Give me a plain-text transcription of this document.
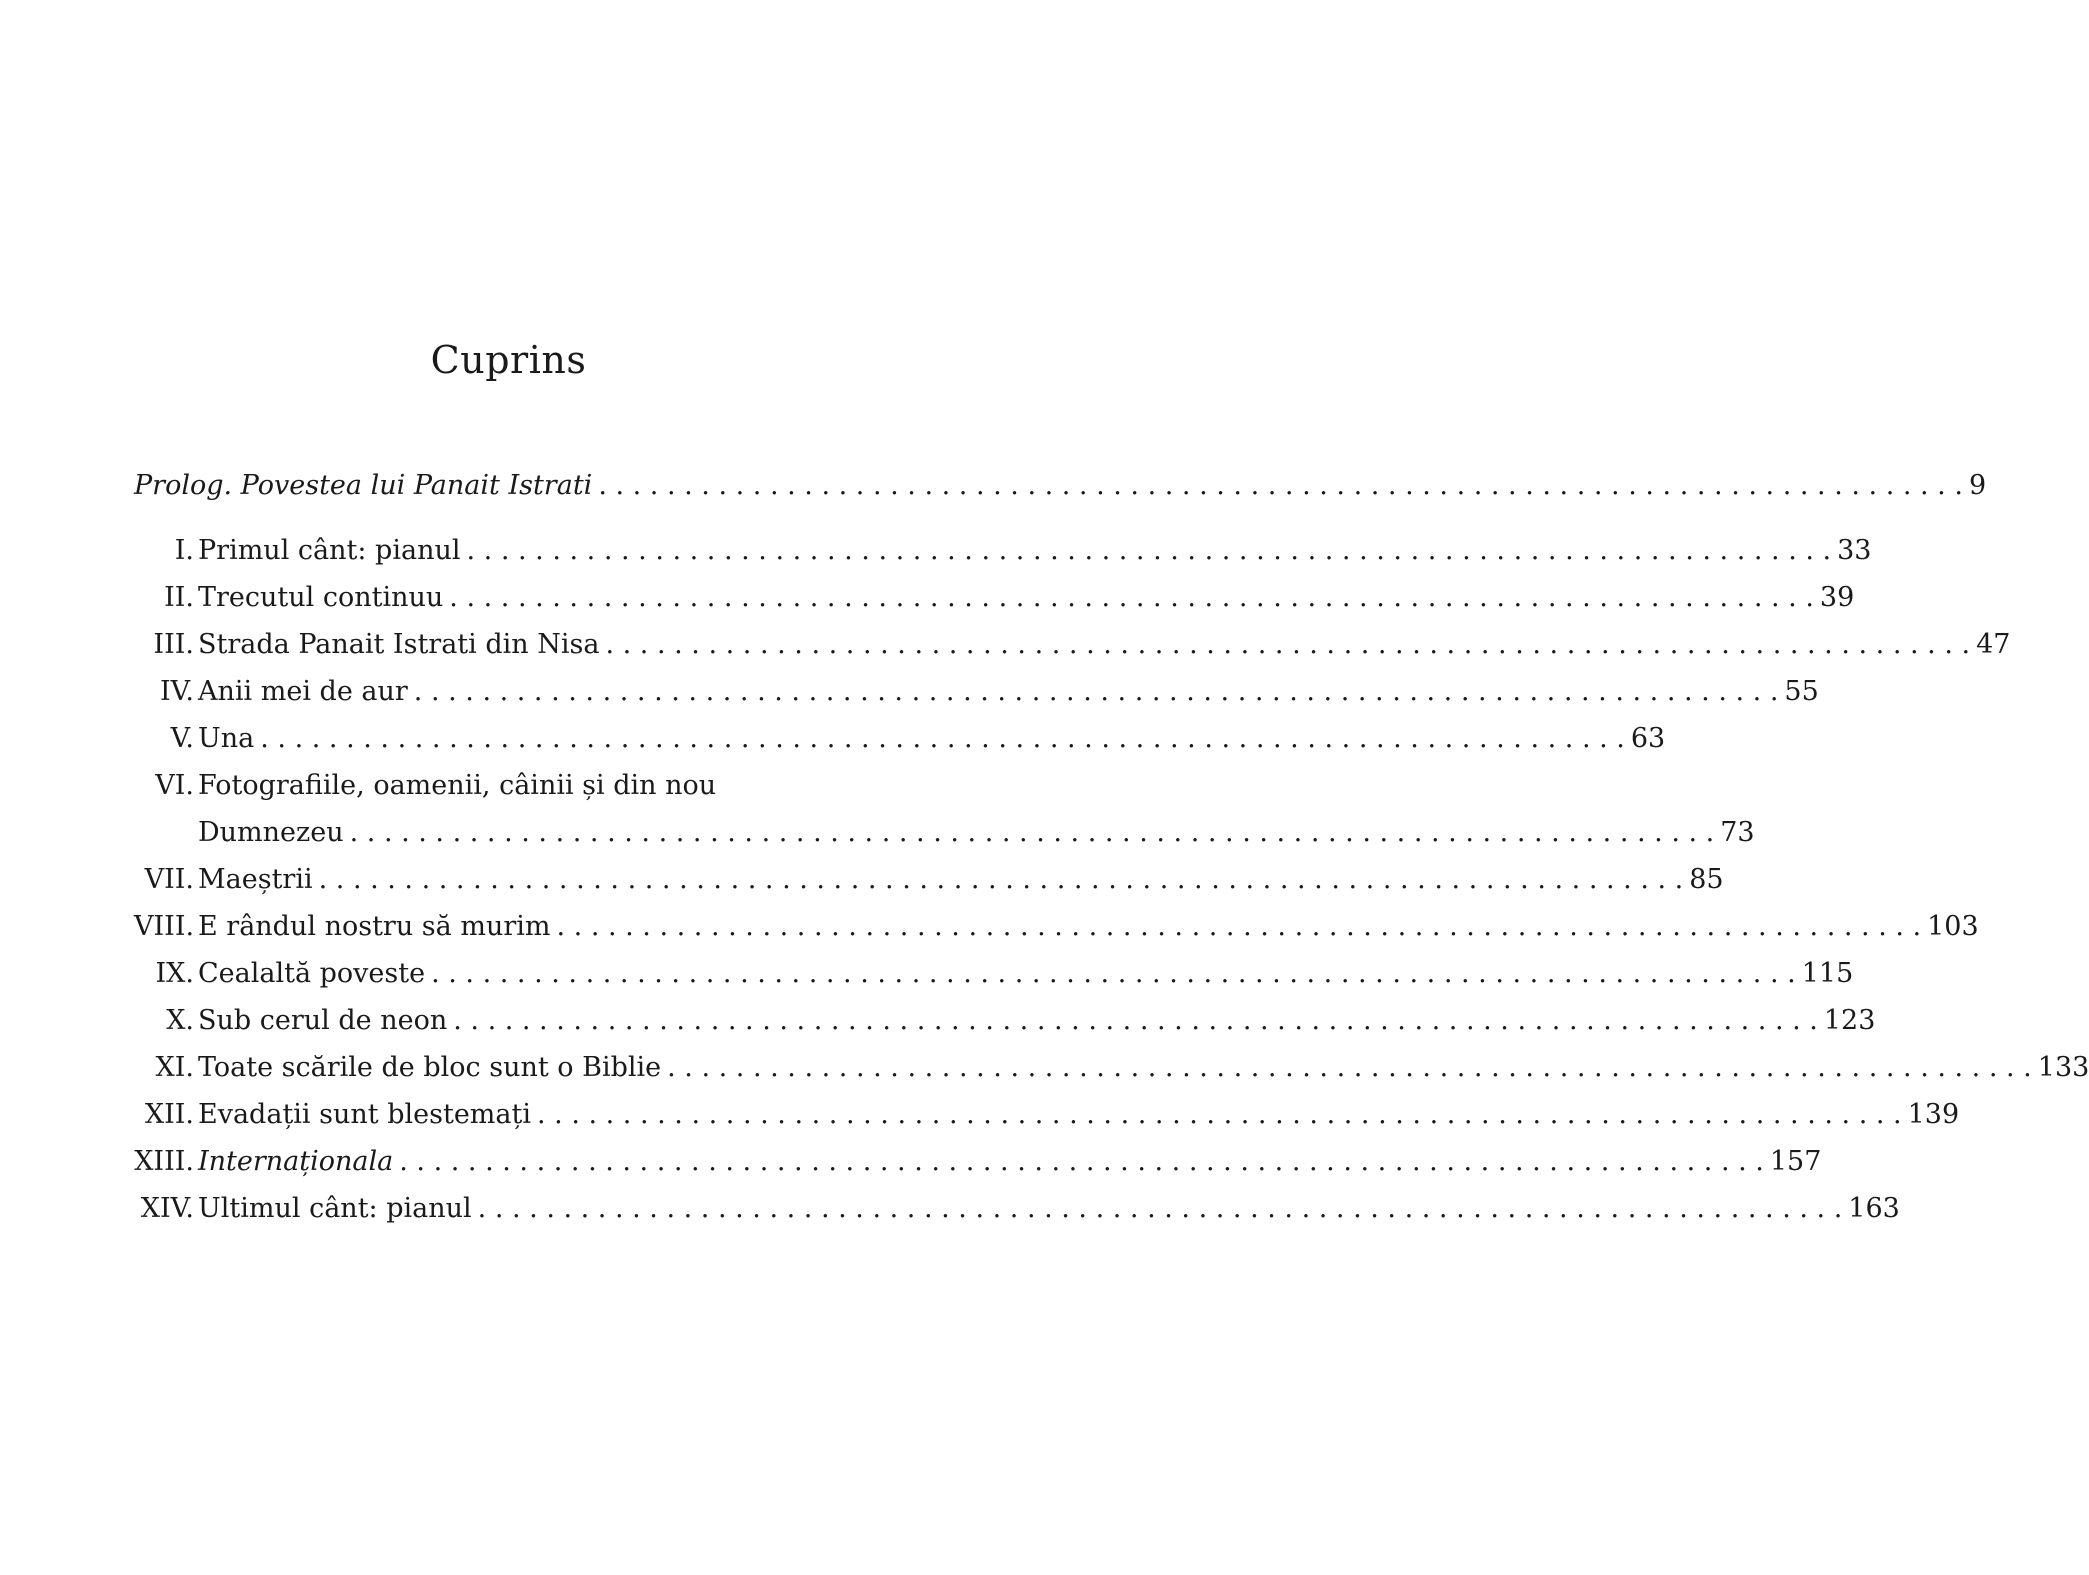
Cuprins
Prolog. Povestea lui Panait Istrati . . .	9
I. Primul cânt: pianul . . .	33
II. Trecutul continuu . . .	39
III. Strada Panait Istrati din Nisa . . .	47
IV. Anii mei de aur . . .	55
V. Una . . .	63
VI. Fotografiile, oamenii, câinii și din nou
Dumnezeu . . .	73
VII. Maeștrii . . .	85
VIII. E rândul nostru să murim . . .	103
IX. Cealaltă poveste . . .	115
X. Sub cerul de neon . . .	123
XI. Toate scările de bloc sunt o Biblie . . .	133
XII. Evadații sunt blestemați . . .	139
XIII. Internaționala . . .	157
XIV. Ultimul cânt: pianul . . .	163
